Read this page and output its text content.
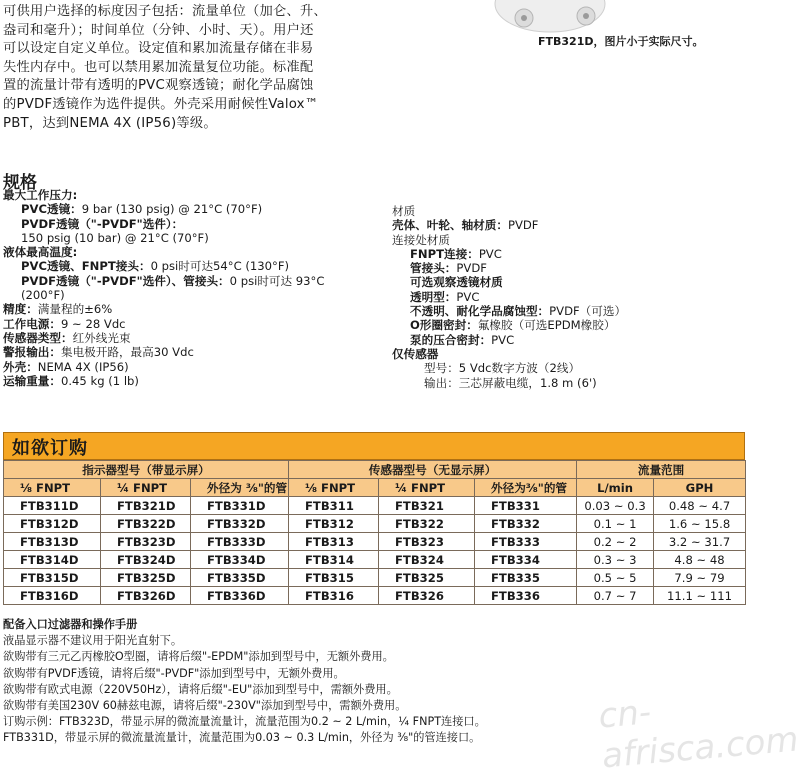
可供用户选择的标度因子包括：流量单位（加仑、升、
盎司和毫升）；时间单位（分钟、小时、天）。用户还
可以设定自定义单位。设定值和累加流量存储在非易
失性内存中。也可以禁用累加流量复位功能。标准配
置的流量计带有透明的PVC观察透镜；耐化学品腐蚀
的PVDF透镜作为选件提供。外壳采用耐候性Valox™
PBT，达到NEMA 4X (IP56)等级。
FTB321D，图片小于实际尺寸。
规格
最大工作压力:
PVC透镜：9 bar (130 psig) @ 21°C (70°F)
PVDF透镜（"-PVDF"选件）：
150 psig (10 bar) @ 21°C (70°F)
液体最高温度:
PVC透镜、FNPT接头：0 psi时可达54°C (130°F)
PVDF透镜（"-PVDF"选件）、管接头：0 psi时可达 93°C
(200°F)
精度：满量程的±6%
工作电源：9 ~ 28 Vdc
传感器类型：红外线光束
警报输出：集电极开路，最高30 Vdc
外壳：NEMA 4X (IP56)
运输重量：0.45 kg (1 lb)
材质
壳体、叶轮、轴材质：PVDF
连接处材质
FNPT连接：PVC
管接头：PVDF
可选观察透镜材质
透明型：PVC
不透明、耐化学品腐蚀型：PVDF（可选）
O形圈密封：氟橡胶（可选EPDM橡胶）
泵的压合密封：PVC
仅传感器
型号：5 Vdc数字方波（2线）
输出：三芯屏蔽电缆，1.8 m (6')
如欲订购
指示器型号（带显示屏）			传感器型号（无显示屏）			流量范围	
⅛ FNPT	¼ FNPT	外径为 ⅜"的管	⅛ FNPT	¼ FNPT	外径为⅜"的管	L/min	GPH
FTB311D	FTB321D	FTB331D	FTB311	FTB321	FTB331	0.03 ~ 0.3	0.48 ~ 4.7
FTB312D	FTB322D	FTB332D	FTB312	FTB322	FTB332	0.1 ~ 1	1.6 ~ 15.8
FTB313D	FTB323D	FTB333D	FTB313	FTB323	FTB333	0.2 ~ 2	3.2 ~ 31.7
FTB314D	FTB324D	FTB334D	FTB314	FTB324	FTB334	0.3 ~ 3	4.8 ~ 48
FTB315D	FTB325D	FTB335D	FTB315	FTB325	FTB335	0.5 ~ 5	7.9 ~ 79
FTB316D	FTB326D	FTB336D	FTB316	FTB326	FTB336	0.7 ~ 7	11.1 ~ 111
配备入口过滤器和操作手册
液晶显示器不建议用于阳光直射下。
欲购带有三元乙丙橡胶O型圈，请将后缀"-EPDM"添加到型号中，无额外费用。
欲购带有PVDF透镜，请将后缀"-PVDF"添加到型号中，无额外费用。
欲购带有欧式电源（220V50Hz），请将后缀"-EU"添加到型号中，需额外费用。
欲购带有美国230V 60赫兹电源，请将后缀"-230V"添加到型号中，需额外费用。
订购示例：FTB323D，带显示屏的微流量流量计，流量范围为0.2 ~ 2 L/min，¼ FNPT连接口。
FTB331D，带显示屏的微流量流量计，流量范围为0.03 ~ 0.3 L/min，外径为 ⅜"的管连接口。
cn-afrisca.com
